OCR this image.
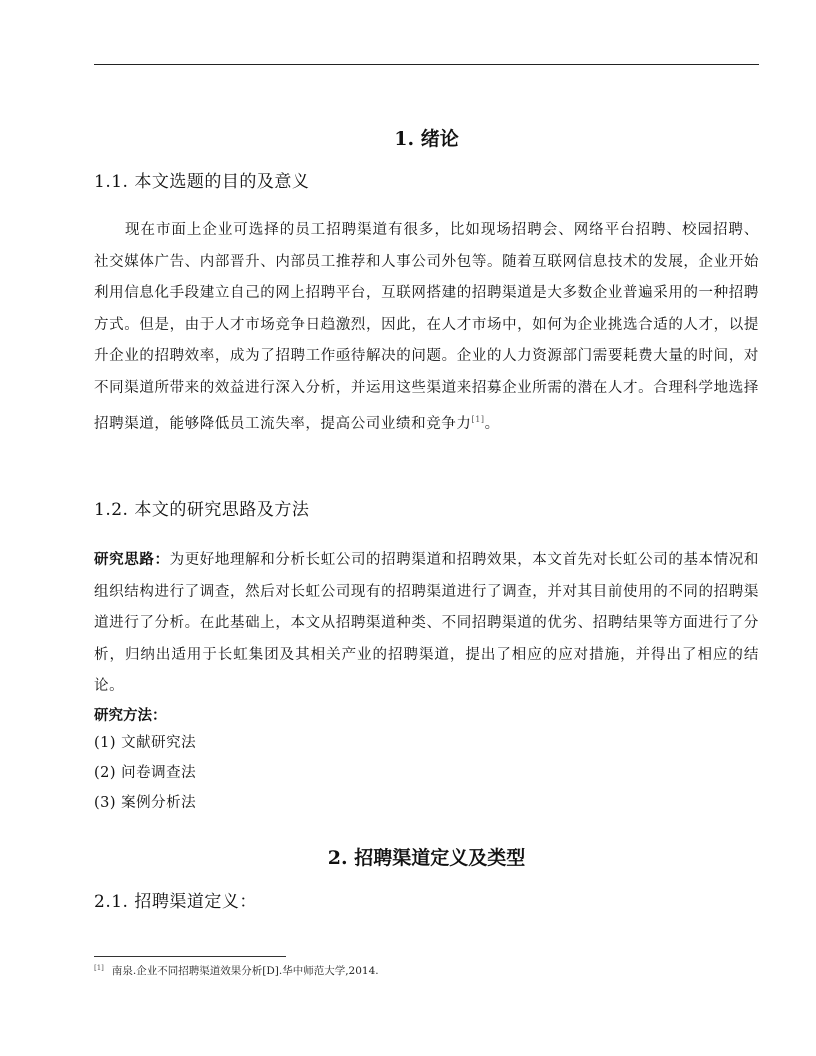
1. 绪论
1.1. 本文选题的目的及意义
现在市面上企业可选择的员工招聘渠道有很多，比如现场招聘会、网络平台招聘、校园招聘、社交媒体广告、内部晋升、内部员工推荐和人事公司外包等。随着互联网信息技术的发展，企业开始利用信息化手段建立自己的网上招聘平台，互联网搭建的招聘渠道是大多数企业普遍采用的一种招聘方式。但是，由于人才市场竞争日趋激烈，因此，在人才市场中，如何为企业挑选合适的人才，以提升企业的招聘效率，成为了招聘工作亟待解决的问题。企业的人力资源部门需要耗费大量的时间，对不同渠道所带来的效益进行深入分析，并运用这些渠道来招募企业所需的潜在人才。合理科学地选择招聘渠道，能够降低员工流失率，提高公司业绩和竞争力[1]。
1.2. 本文的研究思路及方法
研究思路：为更好地理解和分析长虹公司的招聘渠道和招聘效果，本文首先对长虹公司的基本情况和组织结构进行了调查，然后对长虹公司现有的招聘渠道进行了调查，并对其目前使用的不同的招聘渠道进行了分析。在此基础上，本文从招聘渠道种类、不同招聘渠道的优劣、招聘结果等方面进行了分析，归纳出适用于长虹集团及其相关产业的招聘渠道，提出了相应的应对措施，并得出了相应的结论。
研究方法：
(1) 文献研究法
(2) 问卷调查法
(3) 案例分析法
2. 招聘渠道定义及类型
2.1. 招聘渠道定义：
[1] 南泉.企业不同招聘渠道效果分析[D].华中师范大学,2014.
